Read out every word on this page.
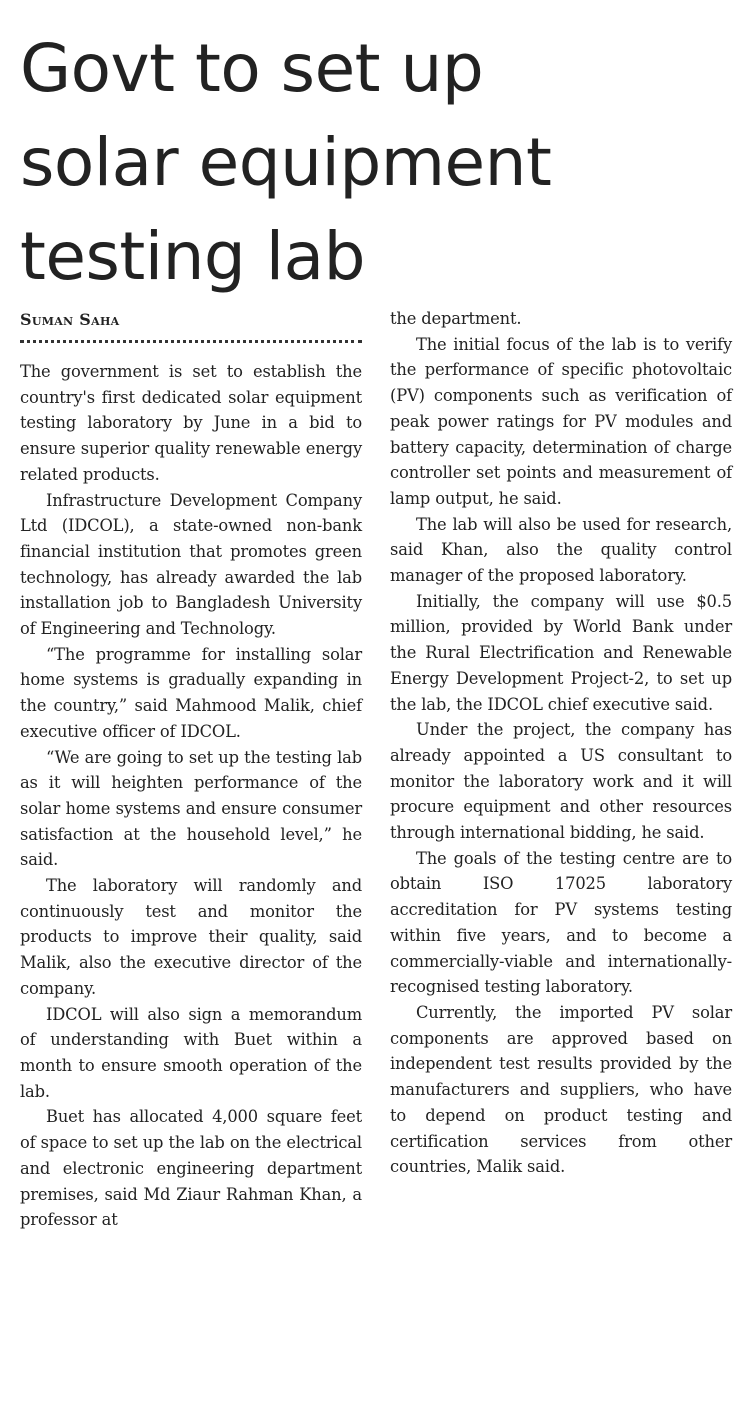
Govt to set up
solar equipment
testing lab
Suman Saha

The government is set to establish the country's first dedicated solar equipment testing laboratory by June in a bid to ensure superior quality renewable energy related products.

Infrastructure Development Company Ltd (IDCOL), a state-owned non-bank financial institution that promotes green technology, has already awarded the lab installation job to Bangladesh University of Engineering and Technology.

“The programme for installing solar home systems is gradually expanding in the country,” said Mahmood Malik, chief executive officer of IDCOL.

“We are going to set up the testing lab as it will heighten performance of the solar home systems and ensure consumer satisfaction at the household level,” he said.

The laboratory will randomly and continuously test and monitor the products to improve their quality, said Malik, also the executive director of the company.

IDCOL will also sign a memorandum of understanding with Buet within a month to ensure smooth operation of the lab.

Buet has allocated 4,000 square feet of space to set up the lab on the electrical and electronic engineering department premises, said Md Ziaur Rahman Khan, a professor at

the department.

The initial focus of the lab is to verify the performance of specific photovoltaic (PV) components such as verification of peak power ratings for PV modules and battery capacity, determination of charge controller set points and measurement of lamp output, he said.

The lab will also be used for research, said Khan, also the quality control manager of the proposed laboratory.

Initially, the company will use $0.5 million, provided by World Bank under the Rural Electrification and Renewable Energy Development Project-2, to set up the lab, the IDCOL chief executive said.

Under the project, the company has already appointed a US consultant to monitor the laboratory work and it will procure equipment and other resources through international bidding, he said.

The goals of the testing centre are to obtain ISO 17025 laboratory accreditation for PV systems testing within five years, and to become a commercially-viable and internationally-recognised testing laboratory.

Currently, the imported PV solar components are approved based on independent test results provided by the manufacturers and suppliers, who have to depend on product testing and certification services from other countries, Malik said.
